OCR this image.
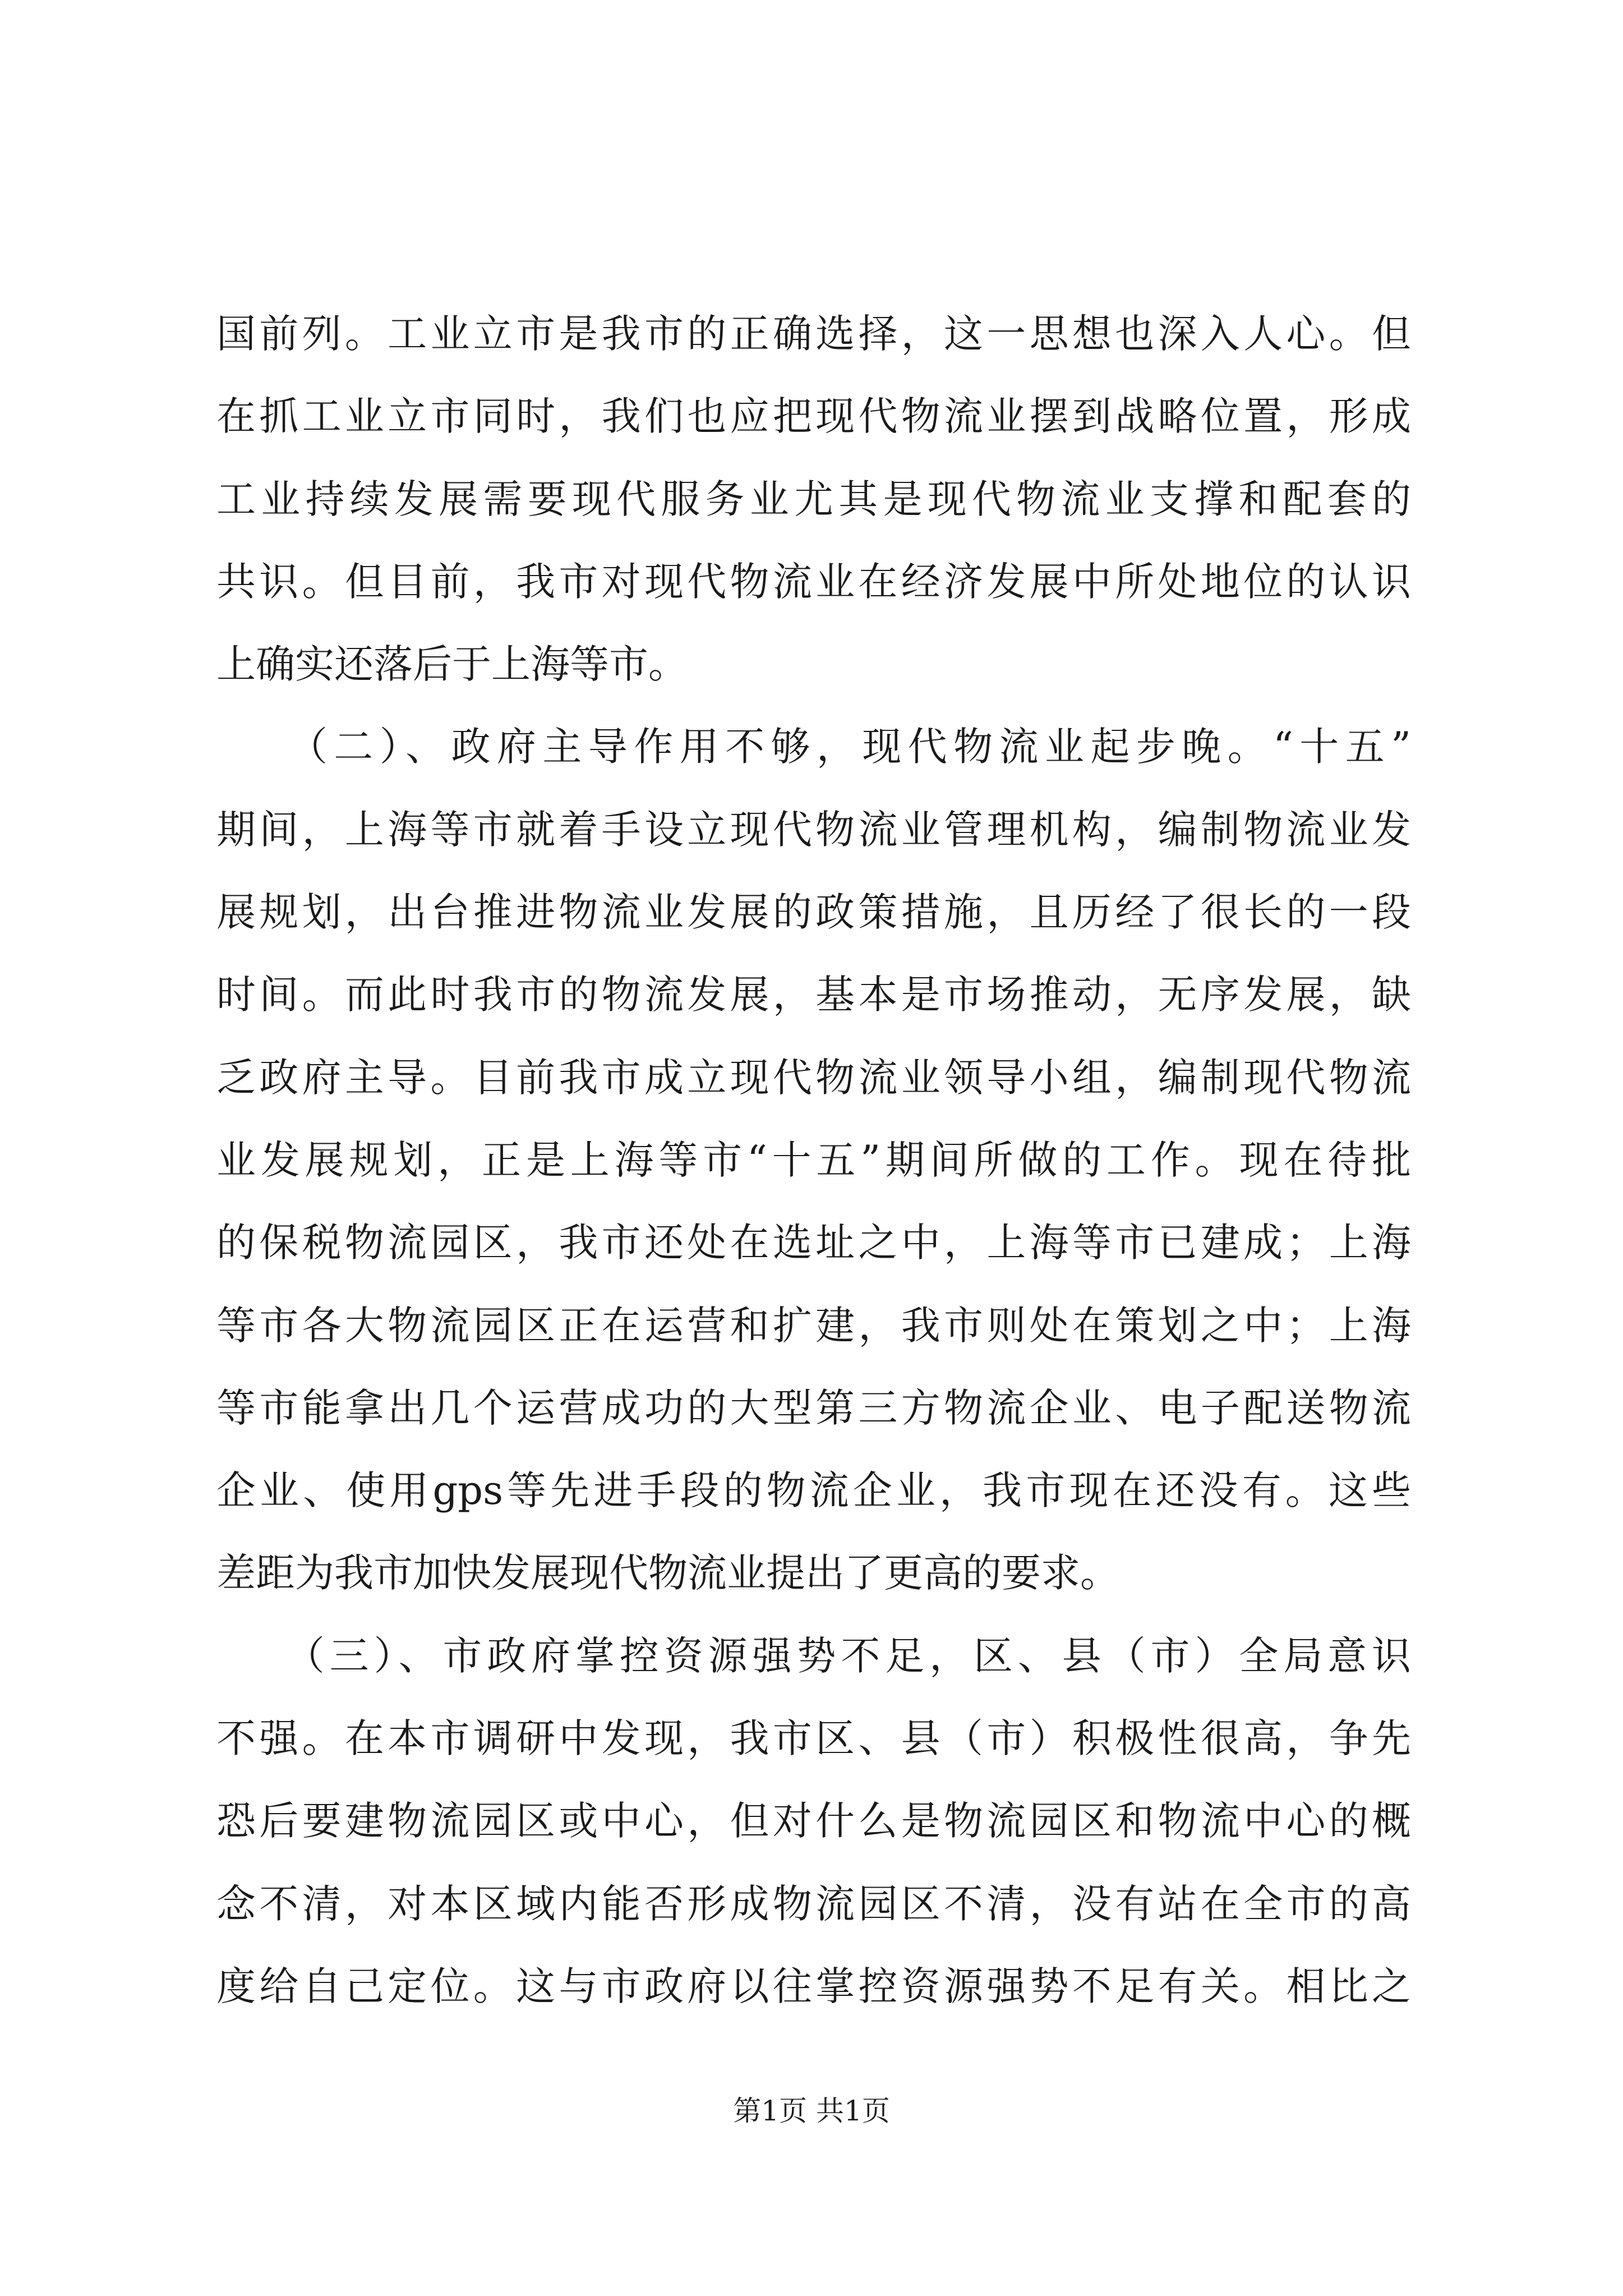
国前列。工业立市是我市的正确选择，这一思想也深入人心。但
在抓工业立市同时，我们也应把现代物流业摆到战略位置，形成
工业持续发展需要现代服务业尤其是现代物流业支撑和配套的
共识。但目前，我市对现代物流业在经济发展中所处地位的认识
上确实还落后于上海等市。
　　（二）、政府主导作用不够，现代物流业起步晚。“十五”
期间，上海等市就着手设立现代物流业管理机构，编制物流业发
展规划，出台推进物流业发展的政策措施，且历经了很长的一段
时间。而此时我市的物流发展，基本是市场推动，无序发展，缺
乏政府主导。目前我市成立现代物流业领导小组，编制现代物流
业发展规划，正是上海等市“十五”期间所做的工作。现在待批
的保税物流园区，我市还处在选址之中，上海等市已建成；上海
等市各大物流园区正在运营和扩建，我市则处在策划之中；上海
等市能拿出几个运营成功的大型第三方物流企业、电子配送物流
企业、使用gps等先进手段的物流企业，我市现在还没有。这些
差距为我市加快发展现代物流业提出了更高的要求。
　　（三）、市政府掌控资源强势不足，区、县（市）全局意识
不强。在本市调研中发现，我市区、县（市）积极性很高，争先
恐后要建物流园区或中心，但对什么是物流园区和物流中心的概
念不清，对本区域内能否形成物流园区不清，没有站在全市的高
度给自己定位。这与市政府以往掌控资源强势不足有关。相比之
第1页 共1页
